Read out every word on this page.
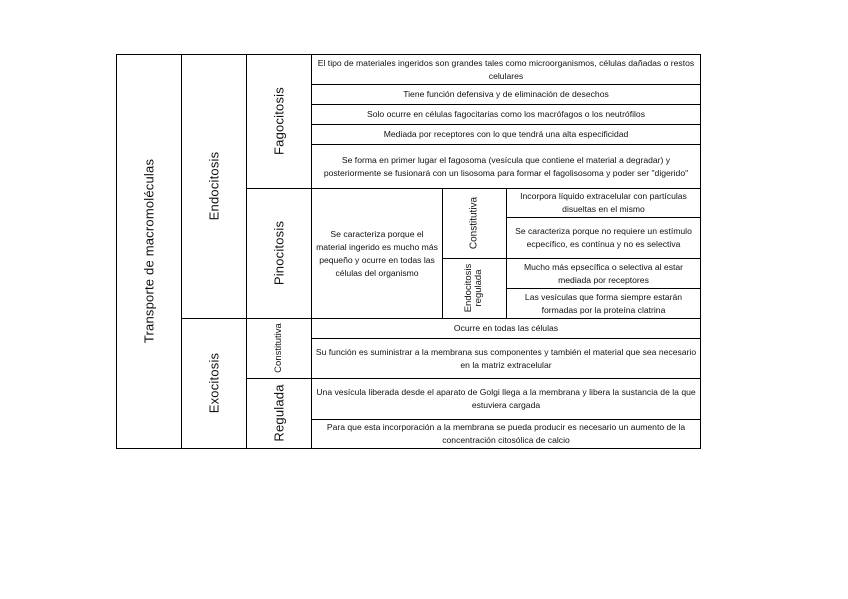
Transporte de macromoléculas	Endocitosis
Exocitosis
Fagocitosis
Pinocitosis
Constitutiva
Regulada
Constitutiva
Endocitosis regulada
El tipo de materiales ingeridos son grandes tales como microorganismos, células dañadas o restos celulares
Tiene función defensiva y de eliminación de desechos
Solo ocurre en células fagocitarias como los macrófagos o los neutrófilos
Mediada por receptores con lo que tendrá una alta especificidad
Se forma en primer lugar el fagosoma (vesícula que contiene el material a degradar) y posteriormente se fusionará con un lisosoma para formar el fagolisosoma y poder ser "digerido"
Se caracteriza porque el material ingerido es mucho más pequeño y ocurre en todas las células del organismo
Incorpora líquido extracelular con partículas disueltas en el mismo
Se caracteriza porque no requiere un estímulo ecpecífico, es contínua y no es selectiva
Mucho más epsecífica o selectiva al estar mediada por receptores
Las vesículas que forma siempre estarán formadas por la proteína clatrina
Ocurre en todas las células
Su función es suministrar a la membrana sus componentes y también el material que sea necesario en la matriz extracelular
Una vesícula liberada desde el aparato de Golgi llega a la membrana y libera la sustancia de la que estuviera cargada
Para que esta incorporación a la membrana se pueda producir es necesario un aumento de la concentración citosólica de calcio
